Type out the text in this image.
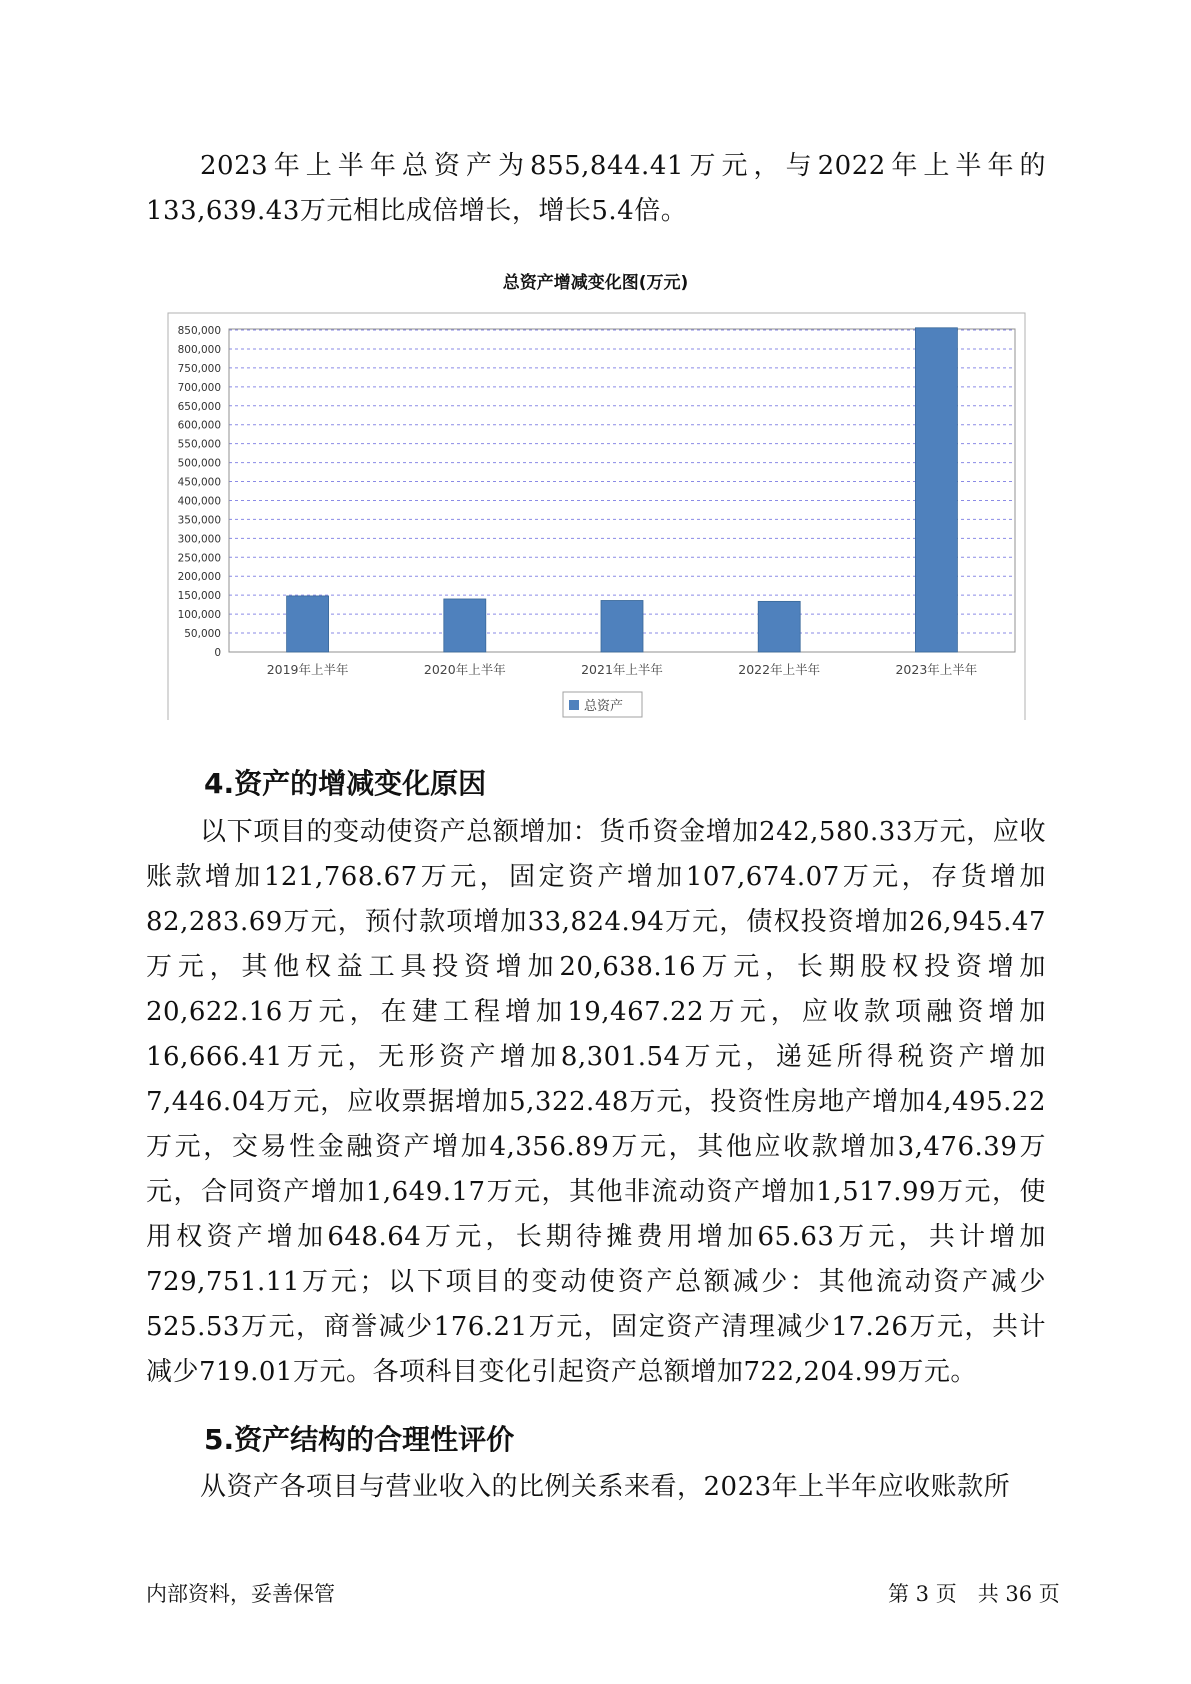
2023年上半年总资产为855,844.41万元，与2022年上半年的133,639.43万元相比成倍增长，增长5.4倍。
总资产增减变化图(万元)
0
50,000
100,000
150,000
200,000
250,000
300,000
350,000
400,000
450,000
500,000
550,000
600,000
650,000
700,000
750,000
800,000
850,000
2019年上半年	2020年上半年	2021年上半年	2022年上半年	2023年上半年
总资产
4.资产的增减变化原因
以下项目的变动使资产总额增加：货币资金增加242,580.33万元，应收账款增加121,768.67万元，固定资产增加107,674.07万元，存货增加82,283.69万元，预付款项增加33,824.94万元，债权投资增加26,945.47万元，其他权益工具投资增加20,638.16万元，长期股权投资增加20,622.16万元，在建工程增加19,467.22万元，应收款项融资增加16,666.41万元，无形资产增加8,301.54万元，递延所得税资产增加7,446.04万元，应收票据增加5,322.48万元，投资性房地产增加4,495.22万元，交易性金融资产增加4,356.89万元，其他应收款增加3,476.39万元，合同资产增加1,649.17万元，其他非流动资产增加1,517.99万元，使用权资产增加648.64万元，长期待摊费用增加65.63万元，共计增加729,751.11万元；以下项目的变动使资产总额减少：其他流动资产减少525.53万元，商誉减少176.21万元，固定资产清理减少17.26万元，共计减少719.01万元。各项科目变化引起资产总额增加722,204.99万元。
5.资产结构的合理性评价
从资产各项目与营业收入的比例关系来看，2023年上半年应收账款所
内部资料，妥善保管	第 3 页　共 36 页
